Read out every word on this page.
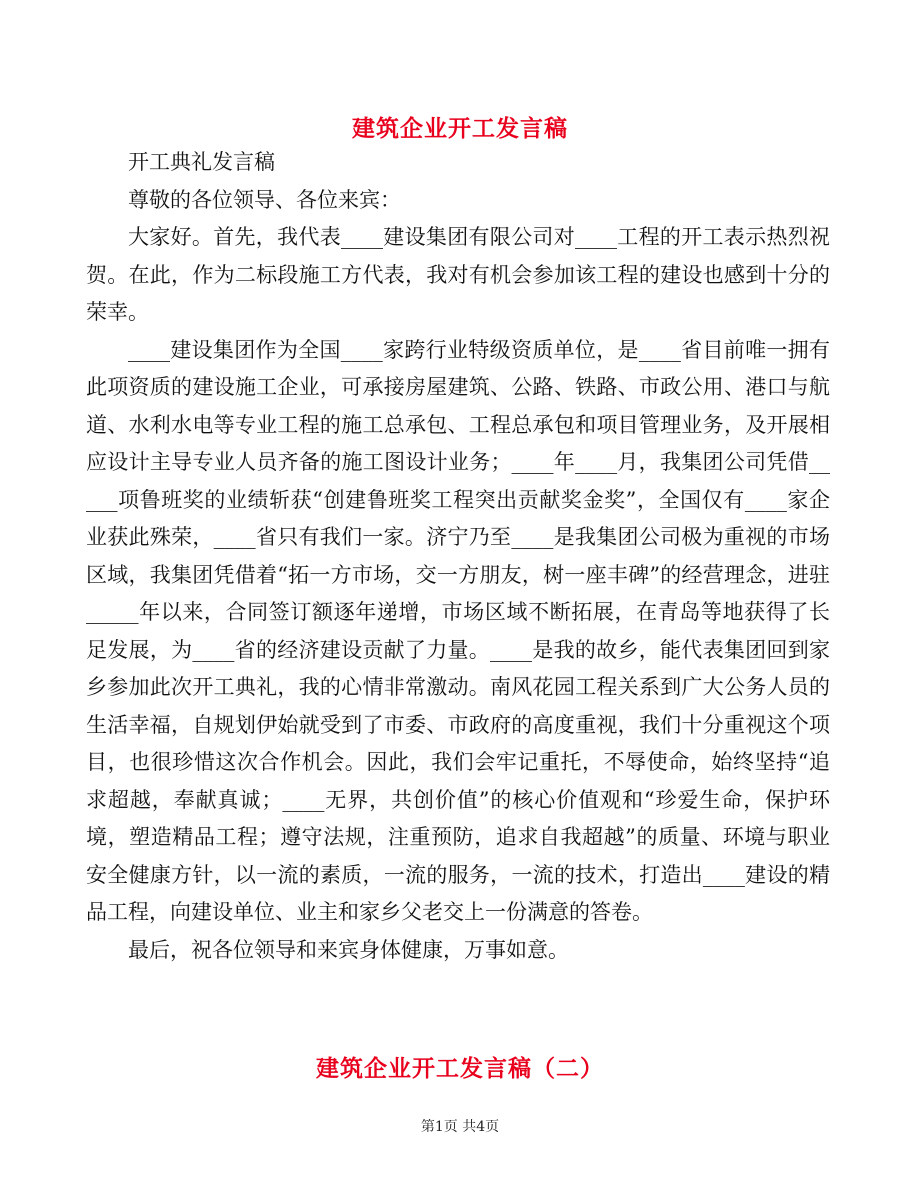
建筑企业开工发言稿

开工典礼发言稿

尊敬的各位领导、各位来宾：

大家好。首先，我代表____建设集团有限公司对____工程的开工表示热烈祝贺。在此，作为二标段施工方代表，我对有机会参加该工程的建设也感到十分的荣幸。

____建设集团作为全国____家跨行业特级资质单位，是____省目前唯一拥有此项资质的建设施工企业，可承接房屋建筑、公路、铁路、市政公用、港口与航道、水利水电等专业工程的施工总承包、工程总承包和项目管理业务，及开展相应设计主导专业人员齐备的施工图设计业务；____年____月，我集团公司凭借_____项鲁班奖的业绩斩获“创建鲁班奖工程突出贡献奖金奖”，全国仅有____家企业获此殊荣，____省只有我们一家。济宁乃至____是我集团公司极为重视的市场区域，我集团凭借着“拓一方市场，交一方朋友，树一座丰碑”的经营理念，进驻_____年以来，合同签订额逐年递增，市场区域不断拓展，在青岛等地获得了长足发展，为____省的经济建设贡献了力量。____是我的故乡，能代表集团回到家乡参加此次开工典礼，我的心情非常激动。南风花园工程关系到广大公务人员的生活幸福，自规划伊始就受到了市委、市政府的高度重视，我们十分重视这个项目，也很珍惜这次合作机会。因此，我们会牢记重托，不辱使命，始终坚持“追求超越，奉献真诚；____无界，共创价值”的核心价值观和“珍爱生命，保护环境，塑造精品工程；遵守法规，注重预防，追求自我超越”的质量、环境与职业安全健康方针，以一流的素质，一流的服务，一流的技术，打造出____建设的精品工程，向建设单位、业主和家乡父老交上一份满意的答卷。

最后，祝各位领导和来宾身体健康，万事如意。

建筑企业开工发言稿（二）
第1页 共4页
